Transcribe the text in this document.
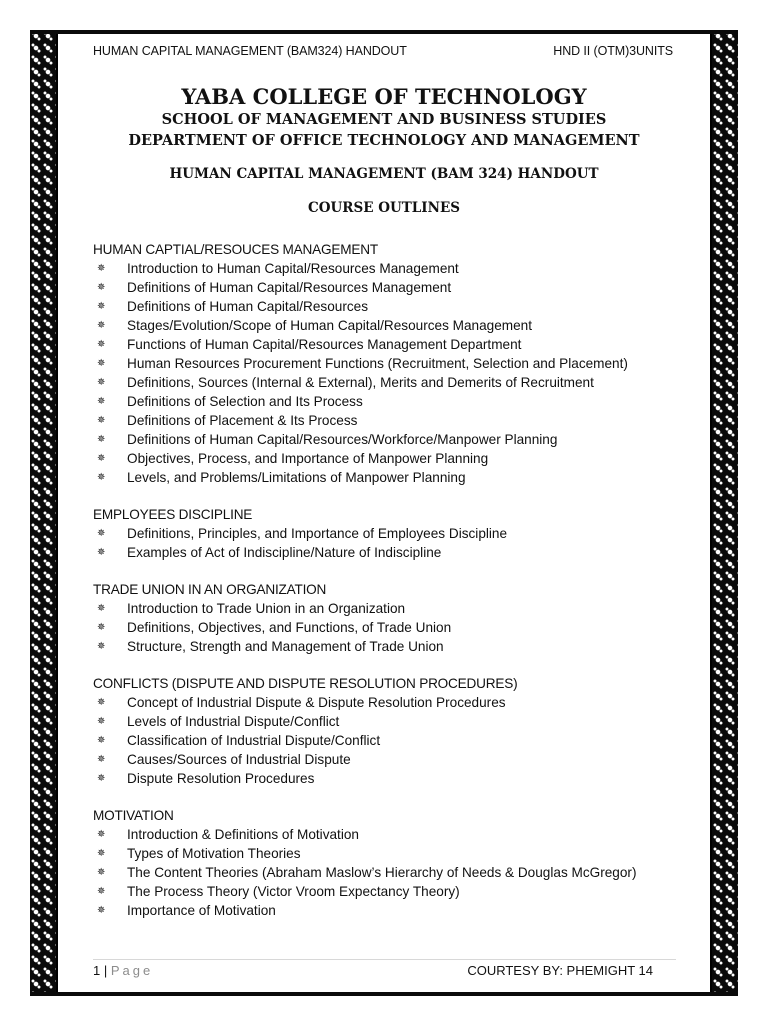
HUMAN CAPITAL MANAGEMENT (BAM324) HANDOUT	HND II (OTM)3UNITS
YABA COLLEGE OF TECHNOLOGY
SCHOOL OF MANAGEMENT AND BUSINESS STUDIES
DEPARTMENT OF OFFICE TECHNOLOGY AND MANAGEMENT
HUMAN CAPITAL MANAGEMENT (BAM 324) HANDOUT
COURSE OUTLINES
HUMAN CAPTIAL/RESOUCES MANAGEMENT
✵	Introduction to Human Capital/Resources Management
✵	Definitions of Human Capital/Resources Management
✵	Definitions of Human Capital/Resources
✵	Stages/Evolution/Scope of Human Capital/Resources Management
✵	Functions of Human Capital/Resources Management Department
✵	Human Resources Procurement Functions (Recruitment, Selection and Placement)
✵	Definitions, Sources (Internal & External), Merits and Demerits of Recruitment
✵	Definitions of Selection and Its Process
✵	Definitions of Placement & Its Process
✵	Definitions of Human Capital/Resources/Workforce/Manpower Planning
✵	Objectives, Process, and Importance of Manpower Planning
✵	Levels, and Problems/Limitations of Manpower Planning
EMPLOYEES DISCIPLINE
✵	Definitions, Principles, and Importance of Employees Discipline
✵	Examples of Act of Indiscipline/Nature of Indiscipline
TRADE UNION IN AN ORGANIZATION
✵	Introduction to Trade Union in an Organization
✵	Definitions, Objectives, and Functions, of Trade Union
✵	Structure, Strength and Management of Trade Union
CONFLICTS (DISPUTE AND DISPUTE RESOLUTION PROCEDURES)
✵	Concept of Industrial Dispute & Dispute Resolution Procedures
✵	Levels of Industrial Dispute/Conflict
✵	Classification of Industrial Dispute/Conflict
✵	Causes/Sources of Industrial Dispute
✵	Dispute Resolution Procedures
MOTIVATION
✵	Introduction & Definitions of Motivation
✵	Types of Motivation Theories
✵	The Content Theories (Abraham Maslow’s Hierarchy of Needs & Douglas McGregor)
✵	The Process Theory (Victor Vroom Expectancy Theory)
✵	Importance of Motivation
1 | Page	COURTESY BY: PHEMIGHT 14
